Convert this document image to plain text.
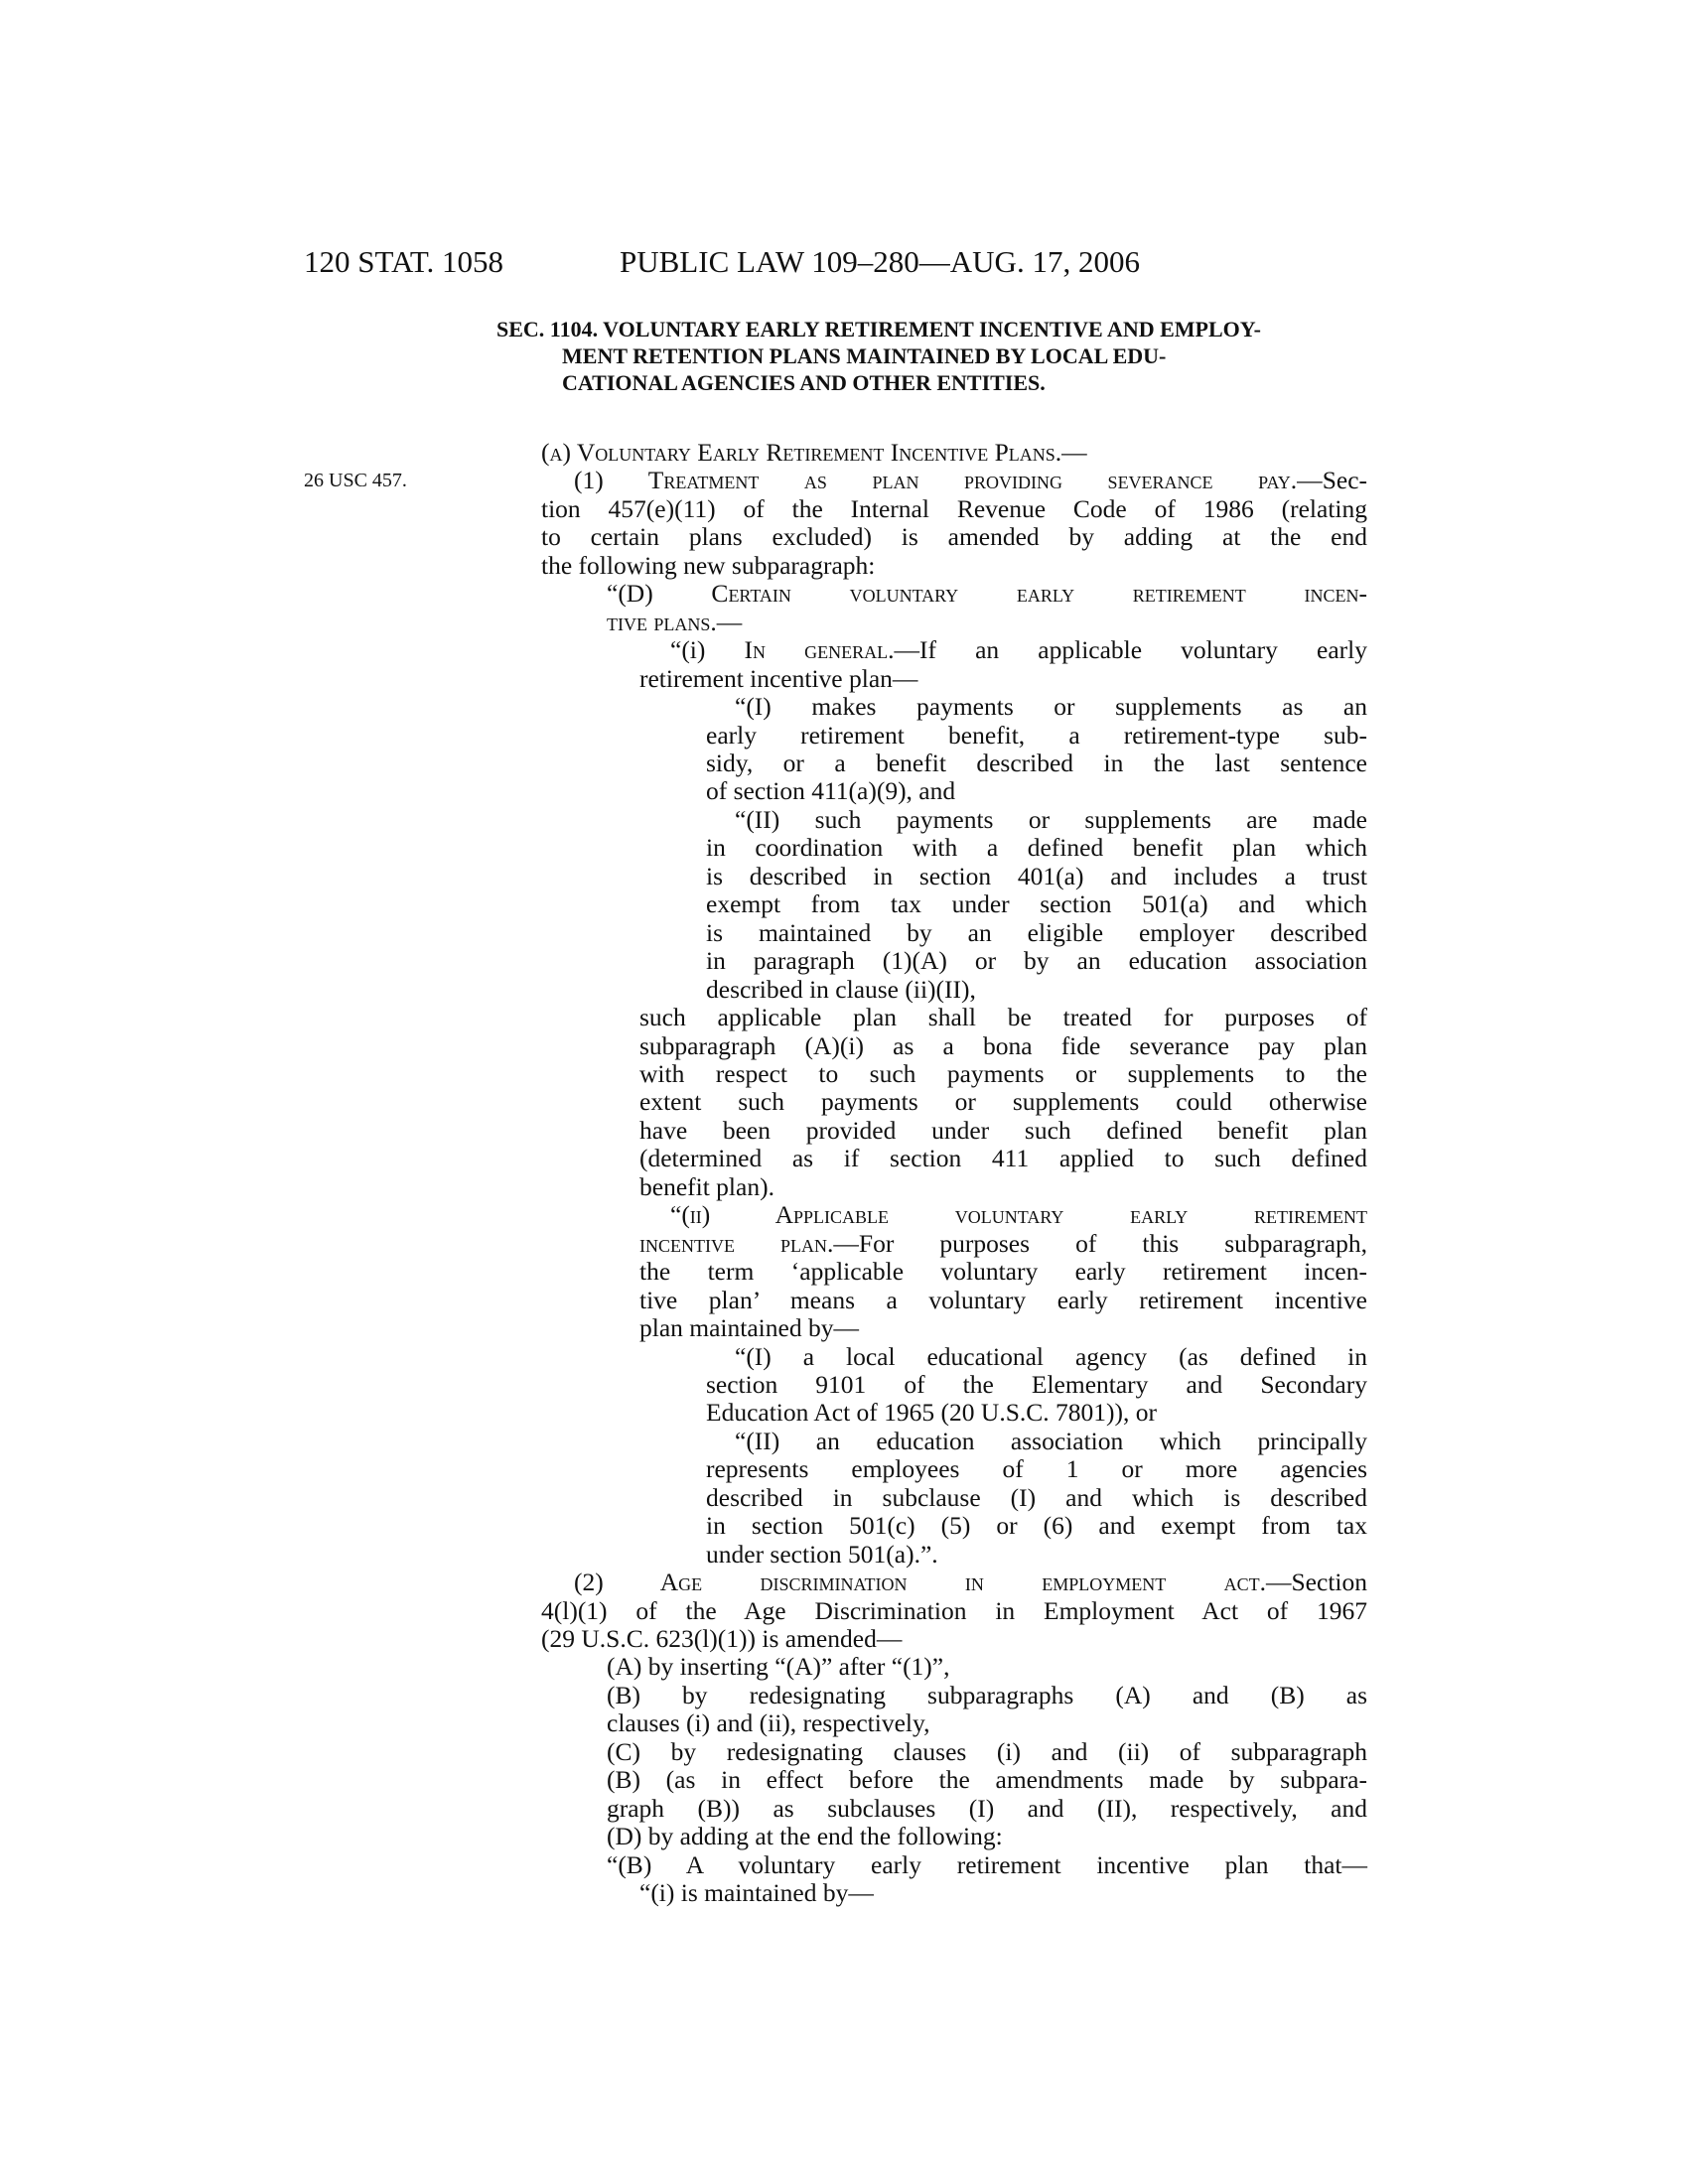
120 STAT. 1058	PUBLIC LAW 109–280—AUG. 17, 2006
SEC. 1104. VOLUNTARY EARLY RETIREMENT INCENTIVE AND EMPLOY-
MENT RETENTION PLANS MAINTAINED BY LOCAL EDU-
CATIONAL AGENCIES AND OTHER ENTITIES.
26 USC 457.
(a) Voluntary Early Retirement Incentive Plans.—
(1) Treatment as plan providing severance pay.—Sec-
tion 457(e)(11) of the Internal Revenue Code of 1986 (relating
to certain plans excluded) is amended by adding at the end
the following new subparagraph:
“(D) Certain voluntary early retirement incen-
tive plans.—
“(i) In general.—If an applicable voluntary early
retirement incentive plan—
“(I) makes payments or supplements as an
early retirement benefit, a retirement-type sub-
sidy, or a benefit described in the last sentence
of section 411(a)(9), and
“(II) such payments or supplements are made
in coordination with a defined benefit plan which
is described in section 401(a) and includes a trust
exempt from tax under section 501(a) and which
is maintained by an eligible employer described
in paragraph (1)(A) or by an education association
described in clause (ii)(II),
such applicable plan shall be treated for purposes of
subparagraph (A)(i) as a bona fide severance pay plan
with respect to such payments or supplements to the
extent such payments or supplements could otherwise
have been provided under such defined benefit plan
(determined as if section 411 applied to such defined
benefit plan).
“(ii) Applicable voluntary early retirement
incentive plan.—For purposes of this subparagraph,
the term ‘applicable voluntary early retirement incen-
tive plan’ means a voluntary early retirement incentive
plan maintained by—
“(I) a local educational agency (as defined in
section 9101 of the Elementary and Secondary
Education Act of 1965 (20 U.S.C. 7801)), or
“(II) an education association which principally
represents employees of 1 or more agencies
described in subclause (I) and which is described
in section 501(c) (5) or (6) and exempt from tax
under section 501(a).”.
(2) Age discrimination in employment act.—Section
4(l)(1) of the Age Discrimination in Employment Act of 1967
(29 U.S.C. 623(l)(1)) is amended—
(A) by inserting “(A)” after “(1)”,
(B) by redesignating subparagraphs (A) and (B) as
clauses (i) and (ii), respectively,
(C) by redesignating clauses (i) and (ii) of subparagraph
(B) (as in effect before the amendments made by subpara-
graph (B)) as subclauses (I) and (II), respectively, and
(D) by adding at the end the following:
“(B) A voluntary early retirement incentive plan that—
“(i) is maintained by—
